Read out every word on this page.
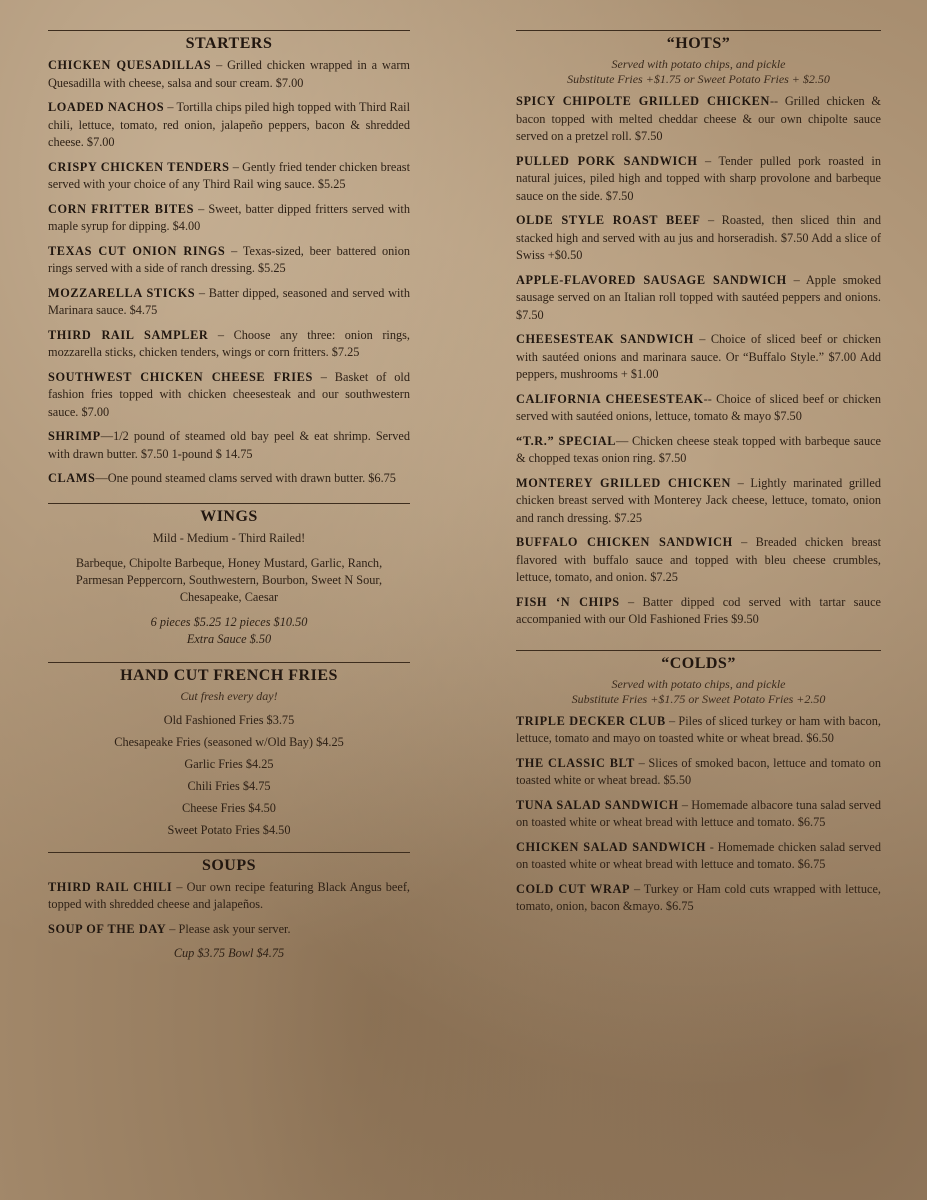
STARTERS
CHICKEN QUESADILLAS – Grilled chicken wrapped in a warm Quesadilla with cheese, salsa and sour cream. $7.00
LOADED NACHOS – Tortilla chips piled high topped with Third Rail chili, lettuce, tomato, red onion, jalapeño peppers, bacon & shredded cheese. $7.00
CRISPY CHICKEN TENDERS – Gently fried tender chicken breast served with your choice of any Third Rail wing sauce. $5.25
CORN FRITTER BITES – Sweet, batter dipped fritters served with maple syrup for dipping. $4.00
TEXAS CUT ONION RINGS – Texas-sized, beer battered onion rings served with a side of ranch dressing. $5.25
MOZZARELLA STICKS – Batter dipped, seasoned and served with Marinara sauce. $4.75
THIRD RAIL SAMPLER – Choose any three: onion rings, mozzarella sticks, chicken tenders, wings or corn fritters. $7.25
SOUTHWEST CHICKEN CHEESE FRIES – Basket of old fashion fries topped with chicken cheesesteak and our southwestern sauce. $7.00
SHRIMP—1/2 pound of steamed old bay peel & eat shrimp. Served with drawn butter. $7.50 1-pound $ 14.75
CLAMS—One pound steamed clams served with drawn butter. $6.75
WINGS
Mild - Medium - Third Railed!
Barbeque, Chipolte Barbeque, Honey Mustard, Garlic, Ranch, Parmesan Peppercorn, Southwestern, Bourbon, Sweet N Sour, Chesapeake, Caesar
6 pieces $5.25 12 pieces $10.50
Extra Sauce $.50
HAND CUT FRENCH FRIES
Cut fresh every day!
Old Fashioned Fries $3.75
Chesapeake Fries (seasoned w/Old Bay) $4.25
Garlic Fries $4.25
Chili Fries $4.75
Cheese Fries $4.50
Sweet Potato Fries $4.50
SOUPS
THIRD RAIL CHILI – Our own recipe featuring Black Angus beef, topped with shredded cheese and jalapeños.
SOUP OF THE DAY – Please ask your server.
Cup $3.75 Bowl $4.75
“HOTS”
Served with potato chips, and pickle
Substitute Fries +$1.75 or Sweet Potato Fries + $2.50
SPICY CHIPOLTE GRILLED CHICKEN-- Grilled chicken & bacon topped with melted cheddar cheese & our own chipolte sauce served on a pretzel roll. $7.50
PULLED PORK SANDWICH – Tender pulled pork roasted in natural juices, piled high and topped with sharp provolone and barbeque sauce on the side. $7.50
OLDE STYLE ROAST BEEF – Roasted, then sliced thin and stacked high and served with au jus and horseradish. $7.50 Add a slice of Swiss +$0.50
APPLE-FLAVORED SAUSAGE SANDWICH – Apple smoked sausage served on an Italian roll topped with sautéed peppers and onions. $7.50
CHEESESTEAK SANDWICH – Choice of sliced beef or chicken with sautéed onions and marinara sauce. Or “Buffalo Style.” $7.00 Add peppers, mushrooms + $1.00
CALIFORNIA CHEESESTEAK-- Choice of sliced beef or chicken served with sautéed onions, lettuce, tomato & mayo $7.50
“T.R.” SPECIAL— Chicken cheese steak topped with barbeque sauce & chopped texas onion ring. $7.50
MONTEREY GRILLED CHICKEN – Lightly marinated grilled chicken breast served with Monterey Jack cheese, lettuce, tomato, onion and ranch dressing. $7.25
BUFFALO CHICKEN SANDWICH – Breaded chicken breast flavored with buffalo sauce and topped with bleu cheese crumbles, lettuce, tomato, and onion. $7.25
FISH ‘N CHIPS – Batter dipped cod served with tartar sauce accompanied with our Old Fashioned Fries $9.50
“COLDS”
Served with potato chips, and pickle
Substitute Fries +$1.75 or Sweet Potato Fries +2.50
TRIPLE DECKER CLUB – Piles of sliced turkey or ham with bacon, lettuce, tomato and mayo on toasted white or wheat bread. $6.50
THE CLASSIC BLT – Slices of smoked bacon, lettuce and tomato on toasted white or wheat bread. $5.50
TUNA SALAD SANDWICH – Homemade albacore tuna salad served on toasted white or wheat bread with lettuce and tomato. $6.75
CHICKEN SALAD SANDWICH - Homemade chicken salad served on toasted white or wheat bread with lettuce and tomato. $6.75
COLD CUT WRAP – Turkey or Ham cold cuts wrapped with lettuce, tomato, onion, bacon &mayo. $6.75
